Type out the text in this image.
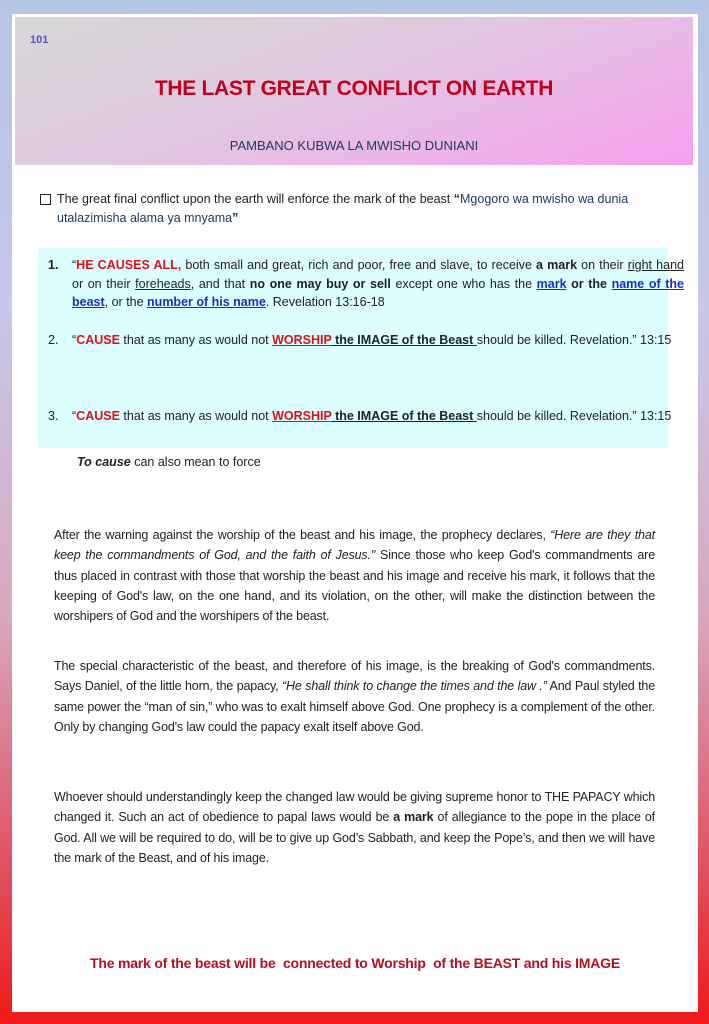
101
THE LAST GREAT CONFLICT ON EARTH
PAMBANO KUBWA LA MWISHO DUNIANI
The great final conflict upon the earth will enforce the mark of the beast “Mgogoro wa mwisho wa dunia utalazimisha alama ya mnyama”
1. “HE CAUSES ALL, both small and great, rich and poor, free and slave, to receive a mark on their right hand or on their foreheads, and that no one may buy or sell except one who has the mark or the name of the beast, or the number of his name. Revelation 13:16-18
2. “CAUSE that as many as would not WORSHIP the IMAGE of the Beast should be killed. Revelation.” 13:15
3. “CAUSE that as many as would not WORSHIP the IMAGE of the Beast should be killed. Revelation.” 13:15
To cause can also mean to force

After the warning against the worship of the beast and his image, the prophecy declares, “Here are they that keep the commandments of God, and the faith of Jesus." Since those who keep God's commandments are thus placed in contrast with those that worship the beast and his image and receive his mark, it follows that the keeping of God's law, on the one hand, and its violation, on the other, will make the distinction between the worshipers of God and the worshipers of the beast.

The special characteristic of the beast, and therefore of his image, is the breaking of God's commandments. Says Daniel, of the little horn, the papacy, “He shall think to change the times and the law .” And Paul styled the same power the “man of sin,” who was to exalt himself above God. One prophecy is a complement of the other. Only by changing God's law could the papacy exalt itself above God.

Whoever should understandingly keep the changed law would be giving supreme honor to THE PAPACY which changed it. Such an act of obedience to papal laws would be a mark of allegiance to the pope in the place of God. All we will be required to do, will be to give up God’s Sabbath, and keep the Pope’s, and then we will have the mark of the Beast, and of his image.

The mark of the beast will be  connected to Worship  of the BEAST and his IMAGE
